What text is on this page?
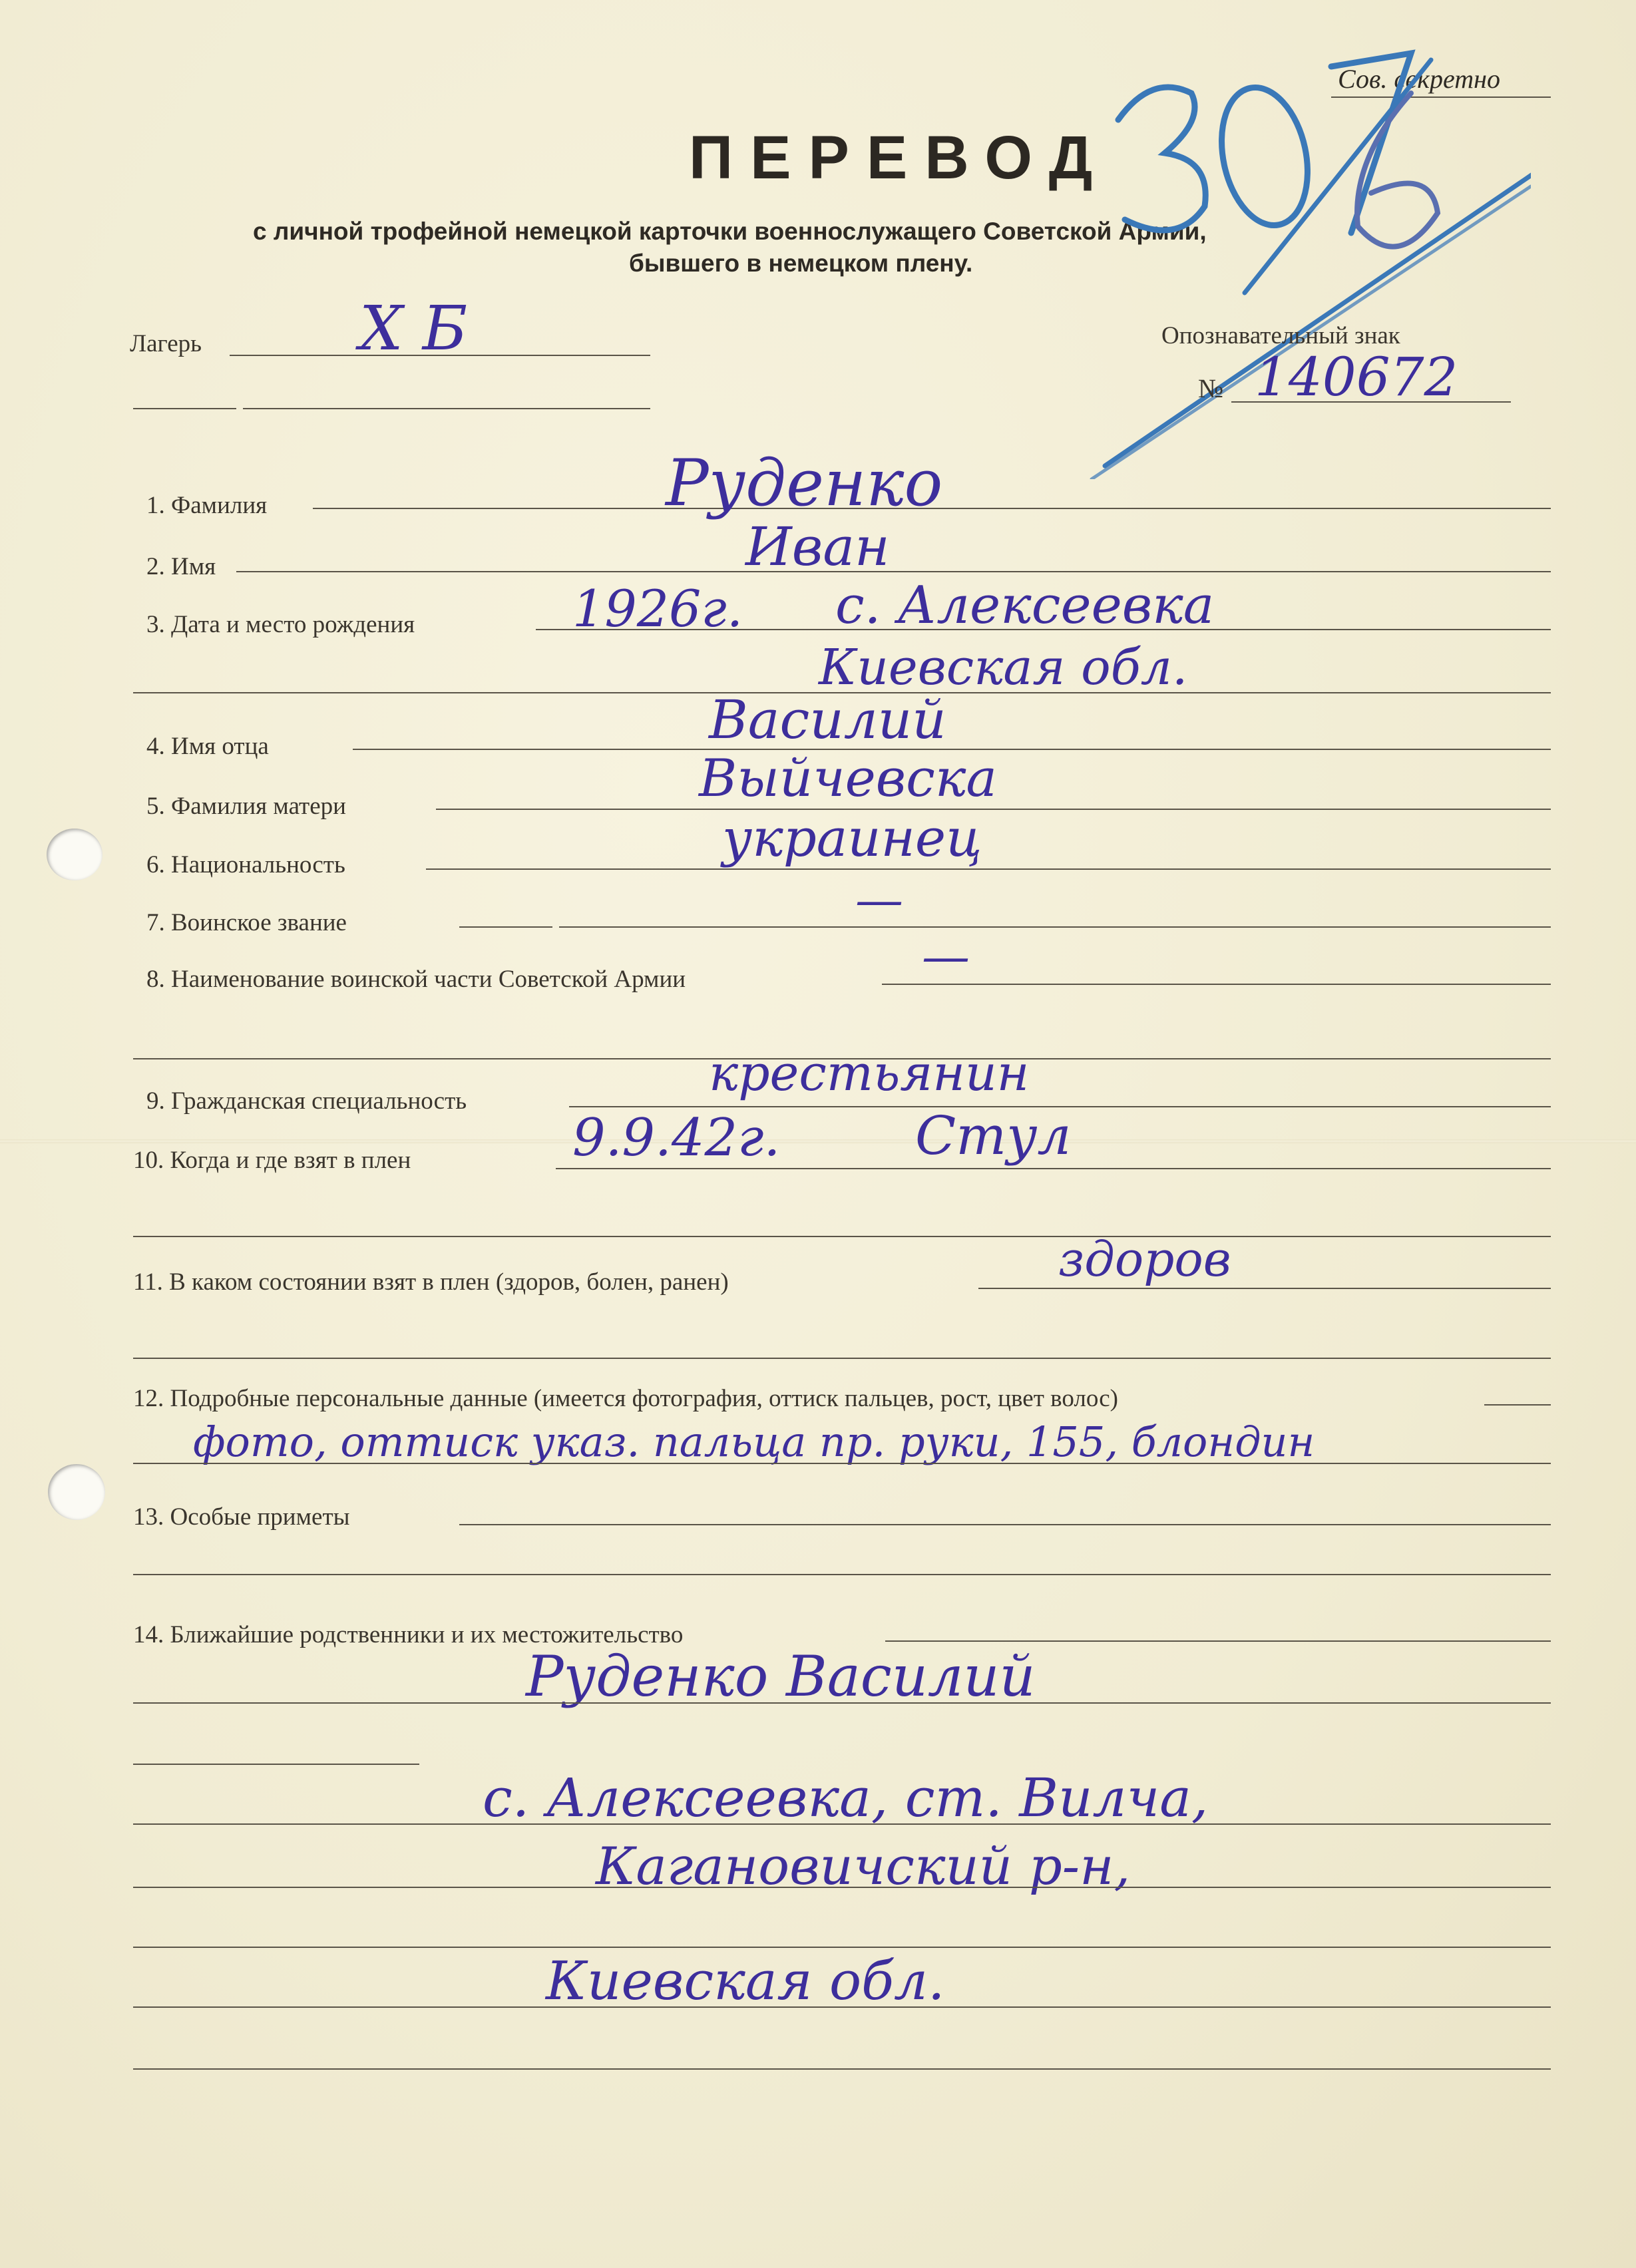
Сов. секретно
ПЕРЕВОД
с личной трофейной немецкой карточки военнослужащего Советской Армии,
бывшего в немецком плену.
Лагерь	X Б	Опознавательный знак
№ 140672
1. Фамилия	Руденко
2. Имя	Иван
3. Дата и место рождения	1926г. с. Алексеевка
Киевская обл.
4. Имя отца	Василий
5. Фамилия матери	Выйчевска
6. Национальность	украинец
7. Воинское звание	—
8. Наименование воинской части Советской Армии	—
9. Гражданская специальность	крестьянин
10. Когда и где взят в плен	9.9.42г.	Стул
11. В каком состоянии взят в плен (здоров, болен, ранен)	здоров
12. Подробные персональные данные (имеется фотография, оттиск пальцев, рост, цвет волос)
фото, оттиск указ. пальца пр. руки, 155, блондин
13. Особые приметы
14. Ближайшие родственники и их местожительство
Руденко Василий
с. Алексеевка, ст. Вилча,
Кагановичский р-н,
Киевская обл.
